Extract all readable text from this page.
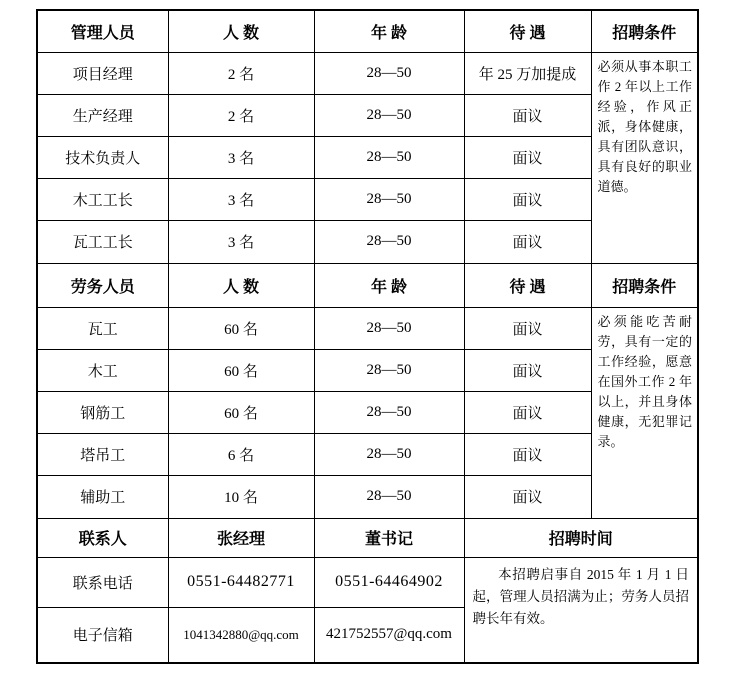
管理人员	人 数	年 龄	待 遇	招聘条件
项目经理	2 名	28—50	年 25 万加提成	必须从事本职工作 2 年以上工作经验，作风正派，身体健康，具有团队意识，具有良好的职业道德。
生产经理	2 名	28—50	面议	
技术负责人	3 名	28—50	面议	
木工工长	3 名	28—50	面议	
瓦工工长	3 名	28—50	面议	
劳务人员	人 数	年 龄	待 遇	招聘条件
瓦工	60 名	28—50	面议	必须能吃苦耐劳，具有一定的工作经验，愿意在国外工作 2 年以上，并且身体健康，无犯罪记录。
木工	60 名	28—50	面议	
钢筋工	60 名	28—50	面议	
塔吊工	6 名	28—50	面议	
辅助工	10 名	28—50	面议	
联系人	张经理	董书记	招聘时间	
联系电话	0551-64482771	0551-64464902	本招聘启事自 2015 年 1 月 1 日起，管理人员招满为止；劳务人员招聘长年有效。	
电子信箱	1041342880@qq.com	421752557@qq.com		
